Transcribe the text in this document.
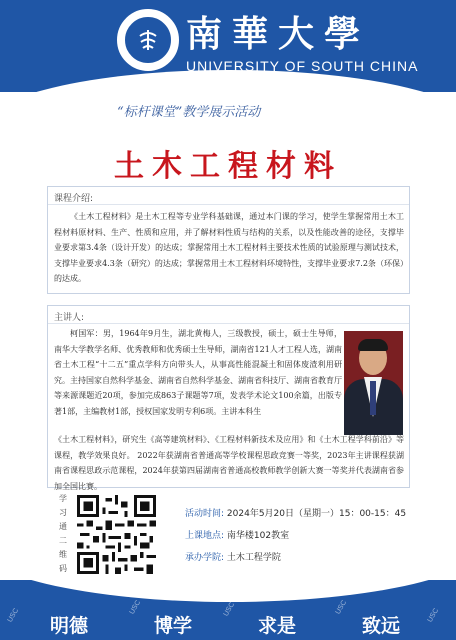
南華大學
UNIVERSITY OF SOUTH CHINA
“标杆课堂”教学展示活动
土木工程材料
课程介绍:
《土木工程材料》是土木工程等专业学科基础课，通过本门课的学习，使学生掌握常用土木工程材料原材料、生产、性质和应用，并了解材料性质与结构的关系，以及性能改善的途径，支撑毕业要求第3.4条（设计开发）的达成；掌握常用土木工程材料主要技术性质的试验原理与测试技术，支撑毕业要求4.3条（研究）的达成；掌握常用土木工程材料环境特性，支撑毕业要求7.2条（环保）的达成。
主讲人:
柯国军：男，1964年9月生，湖北黄梅人，三级教授，硕士，硕士生导师，南华大学教学名师、优秀教师和优秀硕士生导师，湖南省121人才工程人选，湖南省土木工程“十二五”重点学科方向带头人，从事高性能混凝土和固体废渣利用研究。主持国家自然科学基金、湖南省自然科学基金、湖南省科技厅、湖南省教育厅等来源课题近20项，参加完成863子课题等7项，发表学术论文100余篇，出版专著1部，主编教材1部，授权国家发明专利6项。主讲本科生
《土木工程材料》，研究生《高等建筑材料》、《工程材料新技术及应用》和《土木工程学科前沿》等课程，教学效果良好。 2022年获湖南省普通高等学校课程思政竞赛一等奖，2023年主讲课程获湖南省课程思政示范课程，2024年获第四届湖南省普通高校教师教学创新大赛一等奖并代表湖南省参加全国比赛。
学习通二维码
活动时间: 2024年5月20日（星期一）15：00-15：45
上课地点: 南华楼102教室
承办学院: 土木工程学院
USC	USC	USC	USC	USC
明德	博学	求是	致远
